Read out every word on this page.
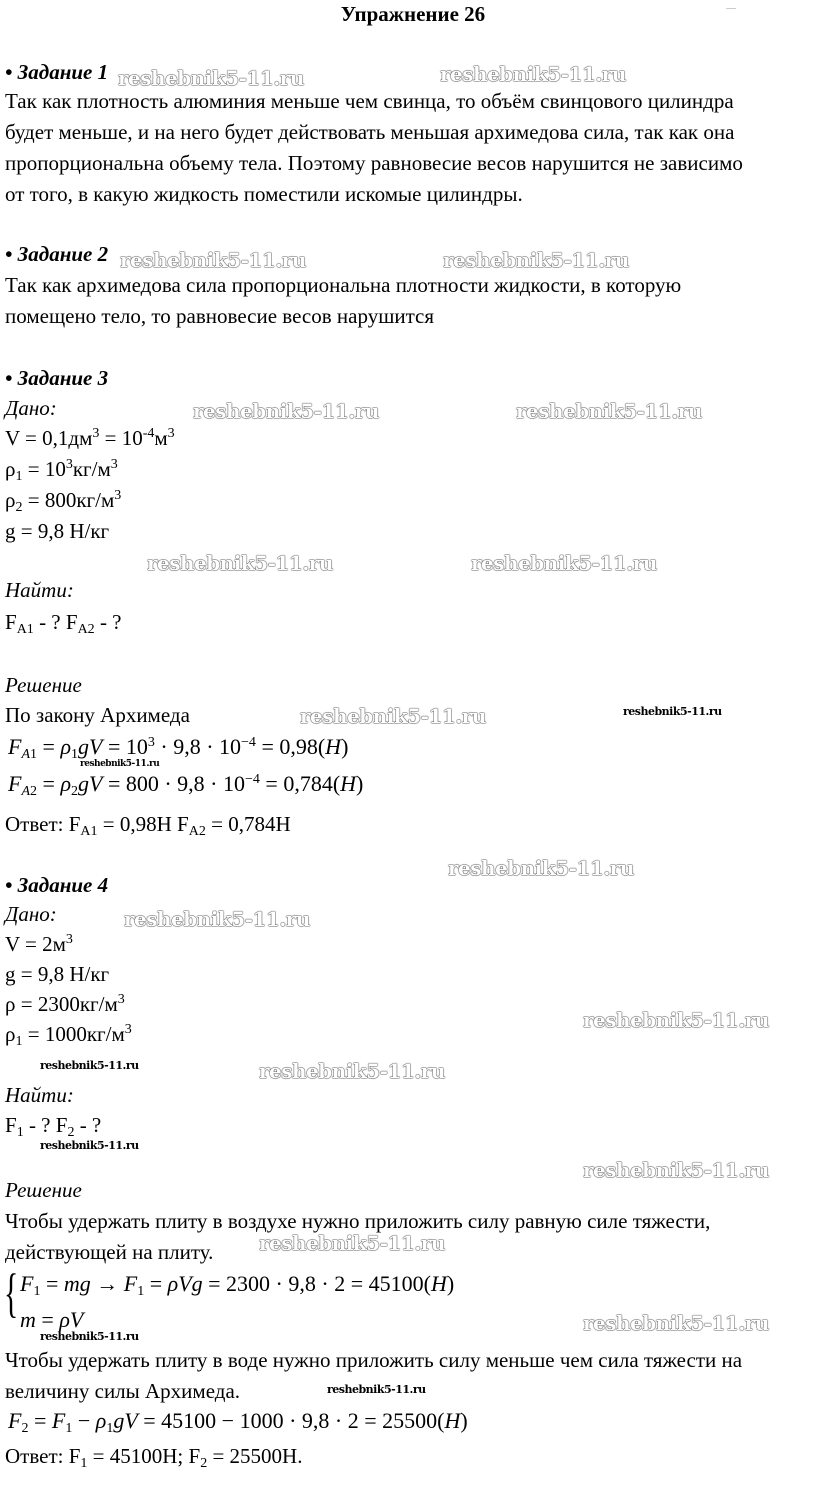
Упражнение 26
• Задание 1
Так как плотность алюминия меньше чем свинца, то объём свинцового цилиндра
будет меньше, и на него будет действовать меньшая архимедова сила, так как она
пропорциональна объему тела. Поэтому равновесие весов нарушится не зависимо
от того, в какую жидкость поместили искомые цилиндры.
• Задание 2
Так как архимедова сила пропорциональна плотности жидкости, в которую
помещено тело, то равновесие весов нарушится
• Задание 3
Дано:
$V = 0,1дм^3 = 10^{-4}м^3$
$\rho_1 = 10^3кг/м^3$
$\rho_2 = 800кг/м^3$
g = 9,8 Н/кг
Найти:
$F_{A1}$ - ? $F_{A2}$ - ?
Решение
По закону Архимеда
$F_{A1} = \rho_1gV = 10^3 \cdot 9,8 \cdot 10^{-4} = 0,98(H)$
$F_{A2} = \rho_2gV = 800 \cdot 9,8 \cdot 10^{-4} = 0,784(H)$
Ответ: $F_{A1} = 0,98Н$ $F_{A2} = 0,784Н$
• Задание 4
Дано:
$V = 2м^3$
g = 9,8 Н/кг
$\rho = 2300кг/м^3$
$\rho_1 = 1000кг/м^3$
Найти:
$F_1$ - ? $F_2$ - ?
Решение
Чтобы удержать плиту в воздухе нужно приложить силу равную силе тяжести,
действующей на плиту.
{ $F_1$ = mg → $F_1 = \rho Vg = 2300 \cdot 9,8 \cdot 2 = 45100(H)$
m = ρV
Чтобы удержать плиту в воде нужно приложить силу меньше чем сила тяжести на
величину силы Архимеда.
$F_2 = F_1 - \rho_1gV = 45100 - 1000 \cdot 9,8 \cdot 2 = 25500(H)$
Ответ: $F_1 = 45100Н$; $F_2 = 25500Н$.
reshebnik5-11.ru	reshebnik5-11.ru
reshebnik5-11.ru	reshebnik5-11.ru
reshebnik5-11.ru	reshebnik5-11.ru
reshebnik5-11.ru	reshebnik5-11.ru
reshebnik5-11.ru	reshebnik5-11.ru
reshebnik5-11.ru
reshebnik5-11.ru
reshebnik5-11.ru
reshebnik5-11.ru
reshebnik5-11.ru	reshebnik5-11.ru
reshebnik5-11.ru
reshebnik5-11.ru
reshebnik5-11.ru
reshebnik5-11.ru
reshebnik5-11.ru
reshebnik5-11.ru
